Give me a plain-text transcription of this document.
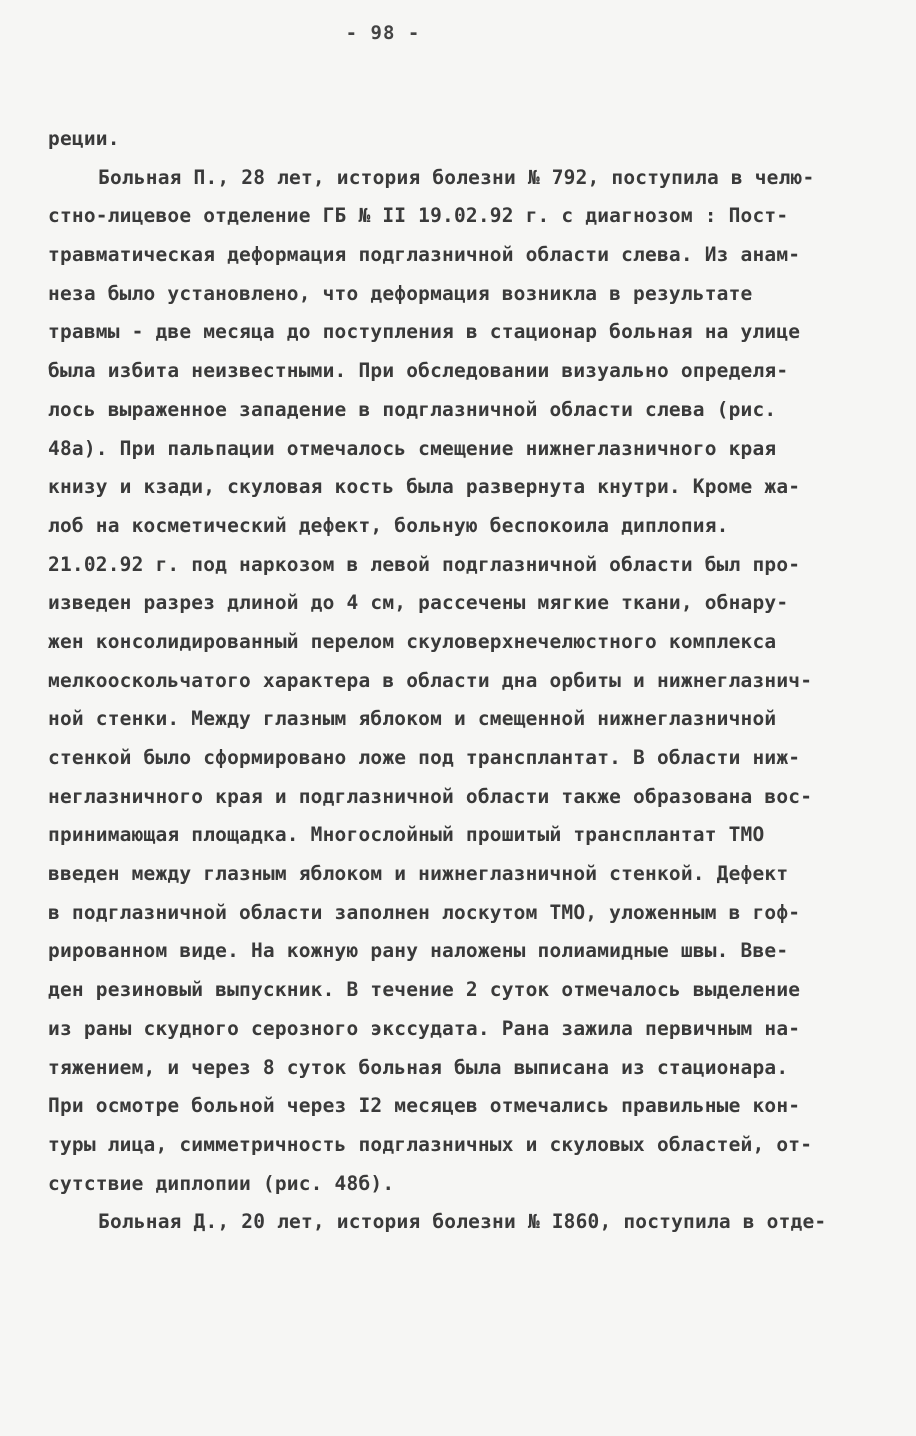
- 98 -
реции.
Больная П., 28 лет, история болезни № 792, поступила в челю-
стно-лицевое отделение ГБ № II 19.02.92 г. с диагнозом : Пост-
травматическая деформация подглазничной области слева. Из анам-
неза было установлено, что деформация возникла в результате
травмы - две месяца до поступления в стационар больная на улице
была избита неизвестными. При обследовании визуально определя-
лось выраженное западение в подглазничной области слева (рис.
48а). При пальпации отмечалось смещение нижнеглазничного края
книзу и кзади, скуловая кость была развернута кнутри. Кроме жа-
лоб на косметический дефект, больную беспокоила диплопия.
21.02.92 г. под наркозом в левой подглазничной области был про-
изведен разрез длиной до 4 см, рассечены мягкие ткани, обнару-
жен консолидированный перелом скуловерхнечелюстного комплекса
мелкооскольчатого характера в области дна орбиты и нижнеглазнич-
ной стенки. Между глазным яблоком и смещенной нижнеглазничной
стенкой было сформировано ложе под трансплантат. В области ниж-
неглазничного края и подглазничной области также образована вос-
принимающая площадка. Многослойный прошитый трансплантат ТМО
введен между глазным яблоком и нижнеглазничной стенкой. Дефект
в подглазничной области заполнен лоскутом ТМО, уложенным в гоф-
рированном виде. На кожную рану наложены полиамидные швы. Вве-
ден резиновый выпускник. В течение 2 суток отмечалось выделение
из раны скудного серозного экссудата. Рана зажила первичным на-
тяжением, и через 8 суток больная была выписана из стационара.
При осмотре больной через I2 месяцев отмечались правильные кон-
туры лица, симметричность подглазничных и скуловых областей, от-
сутствие диплопии (рис. 48б).
Больная Д., 20 лет, история болезни № I860, поступила в отде-
